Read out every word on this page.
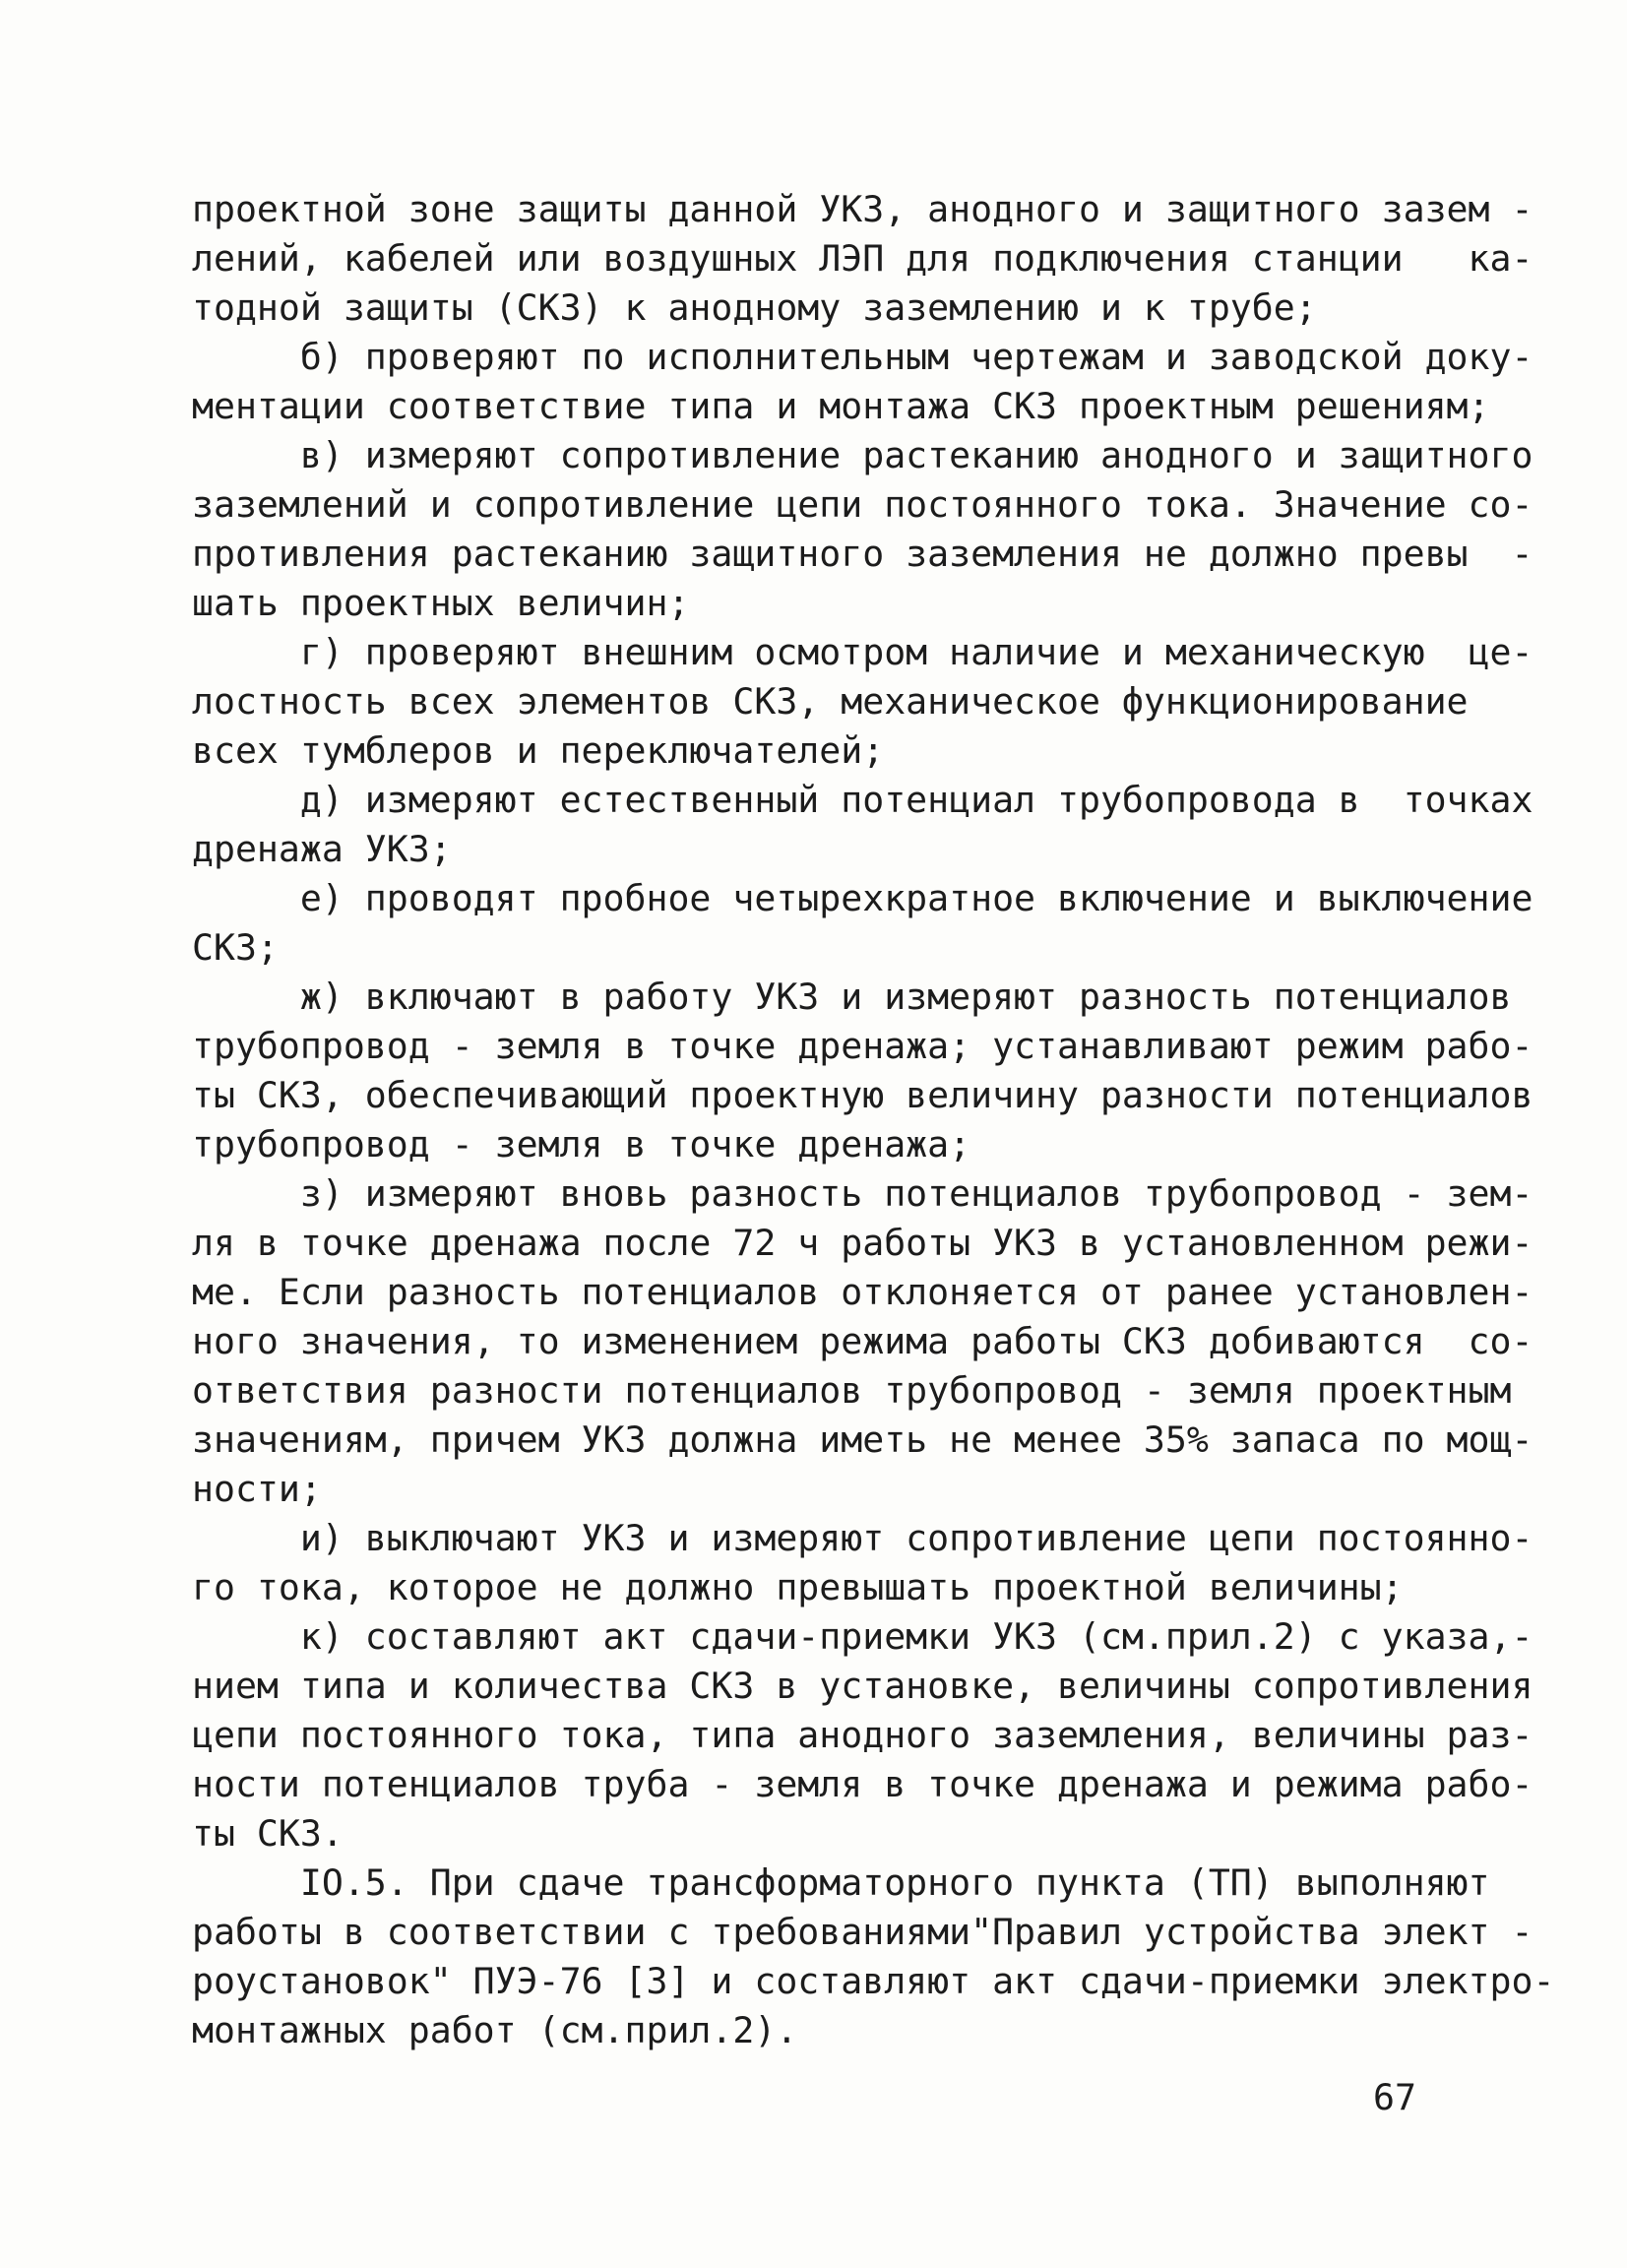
проектной зоне защиты данной УКЗ, анодного и защитного зазем -
лений, кабелей или воздушных ЛЭП для подключения станции   ка-
тодной защиты (СКЗ) к анодному заземлению и к трубе;
б) проверяют по исполнительным чертежам и заводской доку-
ментации соответствие типа и монтажа СКЗ проектным решениям;
в) измеряют сопротивление растеканию анодного и защитного
заземлений и сопротивление цепи постоянного тока. Значение со-
противления растеканию защитного заземления не должно превы  -
шать проектных величин;
г) проверяют внешним осмотром наличие и механическую  це-
лостность всех элементов СКЗ, механическое функционирование
всех тумблеров и переключателей;
д) измеряют естественный потенциал трубопровода в  точках
дренажа УКЗ;
е) проводят пробное четырехкратное включение и выключение
СКЗ;
ж) включают в работу УКЗ и измеряют разность потенциалов
трубопровод - земля в точке дренажа; устанавливают режим рабо-
ты СКЗ, обеспечивающий проектную величину разности потенциалов
трубопровод - земля в точке дренажа;
з) измеряют вновь разность потенциалов трубопровод - зем-
ля в точке дренажа после 72 ч работы УКЗ в установленном режи-
ме. Если разность потенциалов отклоняется от ранее установлен-
ного значения, то изменением режима работы СКЗ добиваются  со-
ответствия разности потенциалов трубопровод - земля проектным
значениям, причем УКЗ должна иметь не менее 35% запаса по мощ-
ности;
и) выключают УКЗ и измеряют сопротивление цепи постоянно-
го тока, которое не должно превышать проектной величины;
к) составляют акт сдачи-приемки УКЗ (см.прил.2) с указа,-
нием типа и количества СКЗ в установке, величины сопротивления
цепи постоянного тока, типа анодного заземления, величины раз-
ности потенциалов труба - земля в точке дренажа и режима рабо-
ты СКЗ.
IO.5. При сдаче трансформаторного пункта (ТП) выполняют
работы в соответствии с требованиями"Правил устройства элект -
роустановок" ПУЭ-76 [3] и составляют акт сдачи-приемки электро-
монтажных работ (см.прил.2).
67
